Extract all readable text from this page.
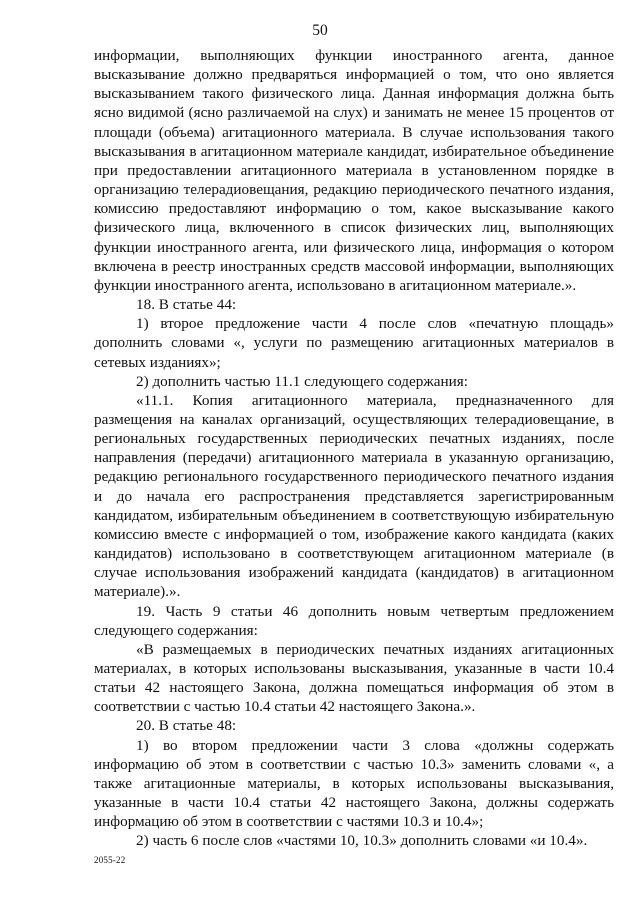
50

информации, выполняющих функции иностранного агента, данное высказывание должно предваряться информацией о том, что оно является высказыванием такого физического лица. Данная информация должна быть ясно видимой (ясно различаемой на слух) и занимать не менее 15 процентов от площади (объема) агитационного материала. В случае использования такого высказывания в агитационном материале кандидат, избирательное объединение при предоставлении агитационного материала в установленном порядке в организацию телерадиовещания, редакцию периодического печатного издания, комиссию предоставляют информацию о том, какое высказывание какого физического лица, включенного в список физических лиц, выполняющих функции иностранного агента, или физического лица, информация о котором включена в реестр иностранных средств массовой информации, выполняющих функции иностранного агента, использовано в агитационном материале.».

18. В статье 44:

1) второе предложение части 4 после слов «печатную площадь» дополнить словами «, услуги по размещению агитационных материалов в сетевых изданиях»;

2) дополнить частью 11.1 следующего содержания:

«11.1. Копия агитационного материала, предназначенного для размещения на каналах организаций, осуществляющих телерадиовещание, в региональных государственных периодических печатных изданиях, после направления (передачи) агитационного материала в указанную организацию, редакцию регионального государственного периодического печатного издания и до начала его распространения представляется зарегистрированным кандидатом, избирательным объединением в соответствующую избирательную комиссию вместе с информацией о том, изображение какого кандидата (каких кандидатов) использовано в соответствующем агитационном материале (в случае использования изображений кандидата (кандидатов) в агитационном материале).».

19. Часть 9 статьи 46 дополнить новым четвертым предложением следующего содержания:

«В размещаемых в периодических печатных изданиях агитационных материалах, в которых использованы высказывания, указанные в части 10.4 статьи 42 настоящего Закона, должна помещаться информация об этом в соответствии с частью 10.4 статьи 42 настоящего Закона.».

20. В статье 48:

1) во втором предложении части 3 слова «должны содержать информацию об этом в соответствии с частью 10.3» заменить словами «, а также агитационные материалы, в которых использованы высказывания, указанные в части 10.4 статьи 42 настоящего Закона, должны содержать информацию об этом в соответствии с частями 10.3 и 10.4»;

2) часть 6 после слов «частями 10, 10.3» дополнить словами «и 10.4».

2055-22
